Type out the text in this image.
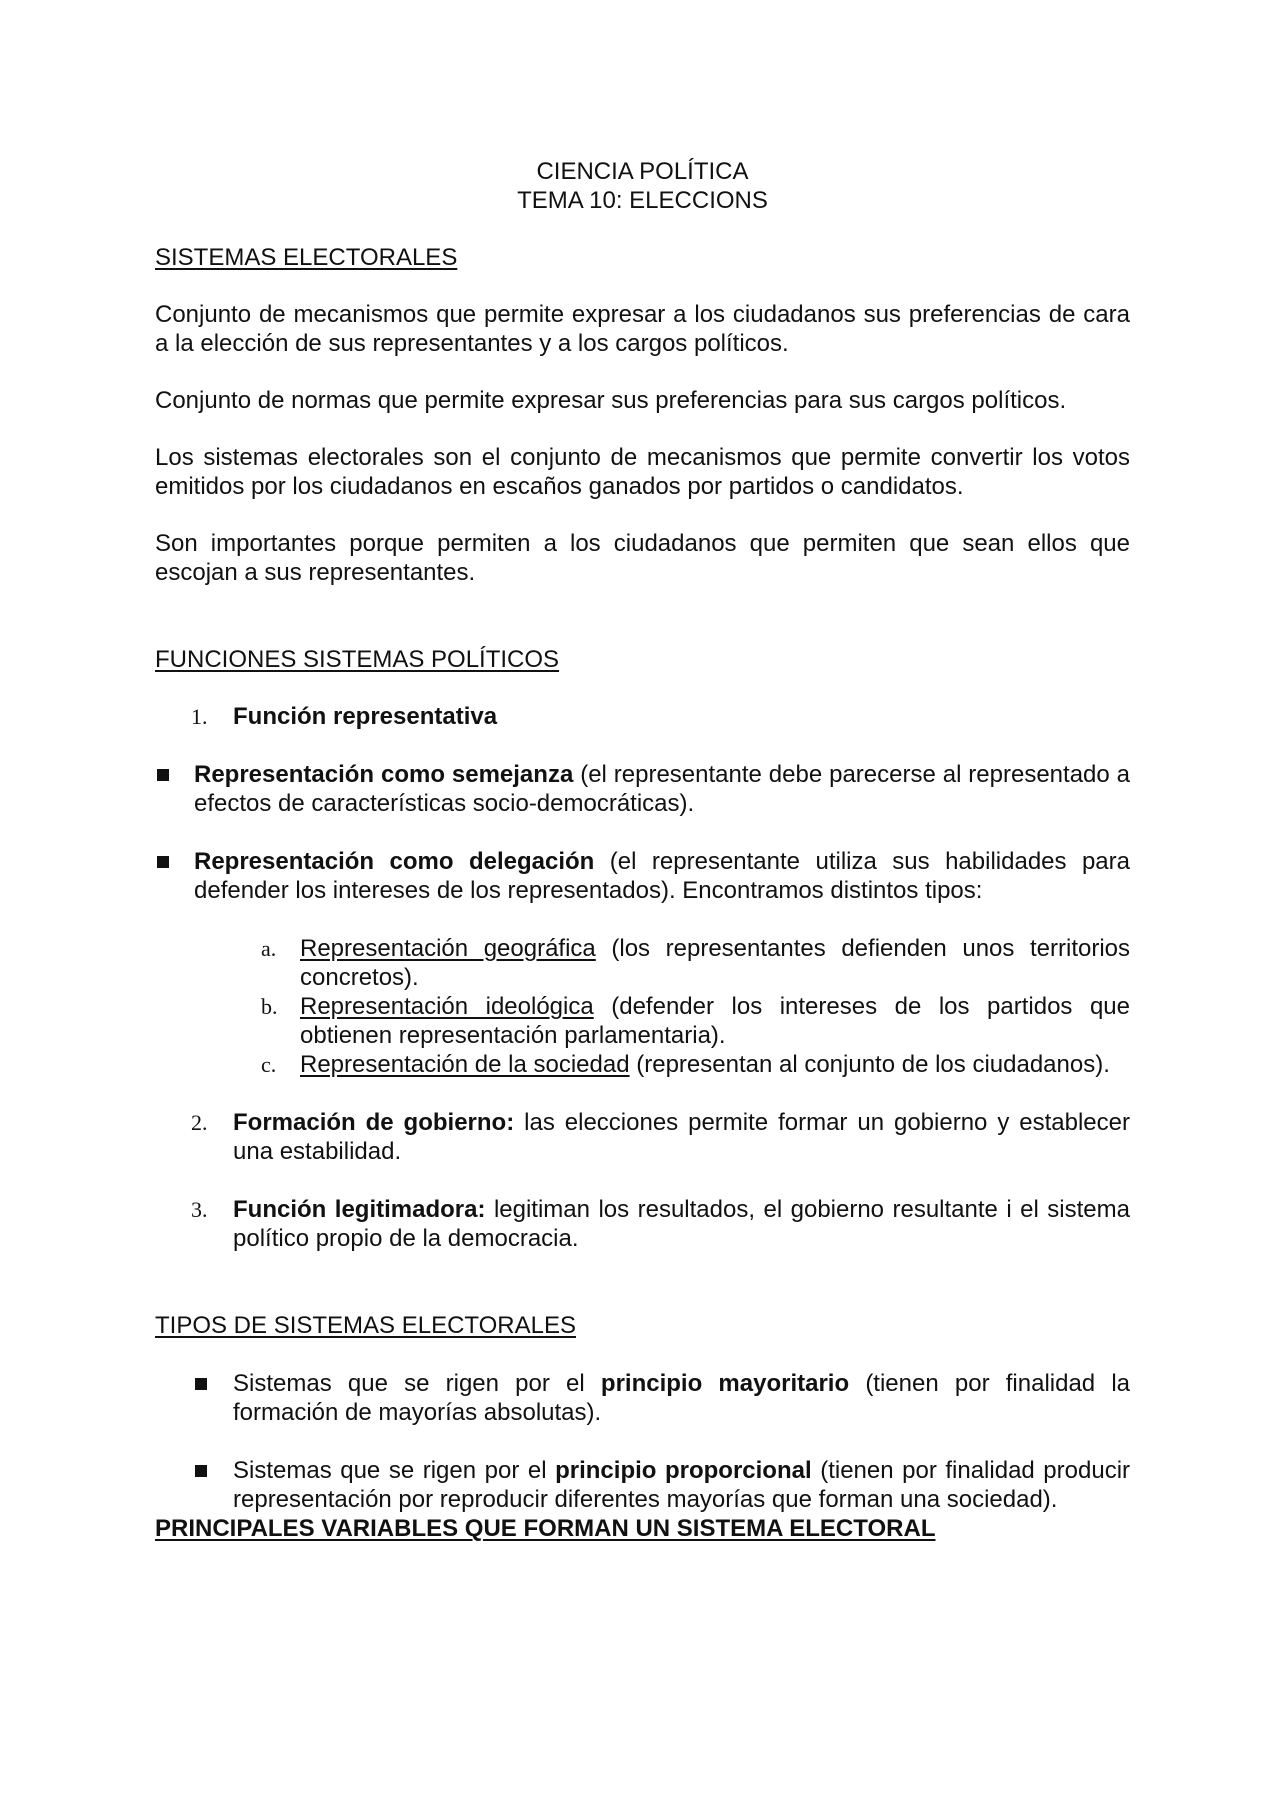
CIENCIA POLÍTICA
TEMA 10: ELECCIONS
SISTEMAS ELECTORALES

Conjunto de mecanismos que permite expresar a los ciudadanos sus preferencias de cara a la elección de sus representantes y a los cargos políticos.

Conjunto de normas que permite expresar sus preferencias para sus cargos políticos.

Los sistemas electorales son el conjunto de mecanismos que permite convertir los votos emitidos por los ciudadanos en escaños ganados por partidos o candidatos.

Son importantes porque permiten a los ciudadanos que permiten que sean ellos que escojan a sus representantes.

FUNCIONES SISTEMAS POLÍTICOS
1. Función representativa
Representación como semejanza (el representante debe parecerse al representado a efectos de características socio-democráticas).
Representación como delegación (el representante utiliza sus habilidades para defender los intereses de los representados). Encontramos distintos tipos:
a. Representación geográfica (los representantes defienden unos territorios concretos).
b. Representación ideológica (defender los intereses de los partidos que obtienen representación parlamentaria).
c. Representación de la sociedad (representan al conjunto de los ciudadanos).
2. Formación de gobierno: las elecciones permite formar un gobierno y establecer una estabilidad.
3. Función legitimadora: legitiman los resultados, el gobierno resultante i el sistema político propio de la democracia.
TIPOS DE SISTEMAS ELECTORALES
Sistemas que se rigen por el principio mayoritario (tienen por finalidad la formación de mayorías absolutas).
Sistemas que se rigen por el principio proporcional (tienen por finalidad producir representación por reproducir diferentes mayorías que forman una sociedad).
PRINCIPALES VARIABLES QUE FORMAN UN SISTEMA ELECTORAL
